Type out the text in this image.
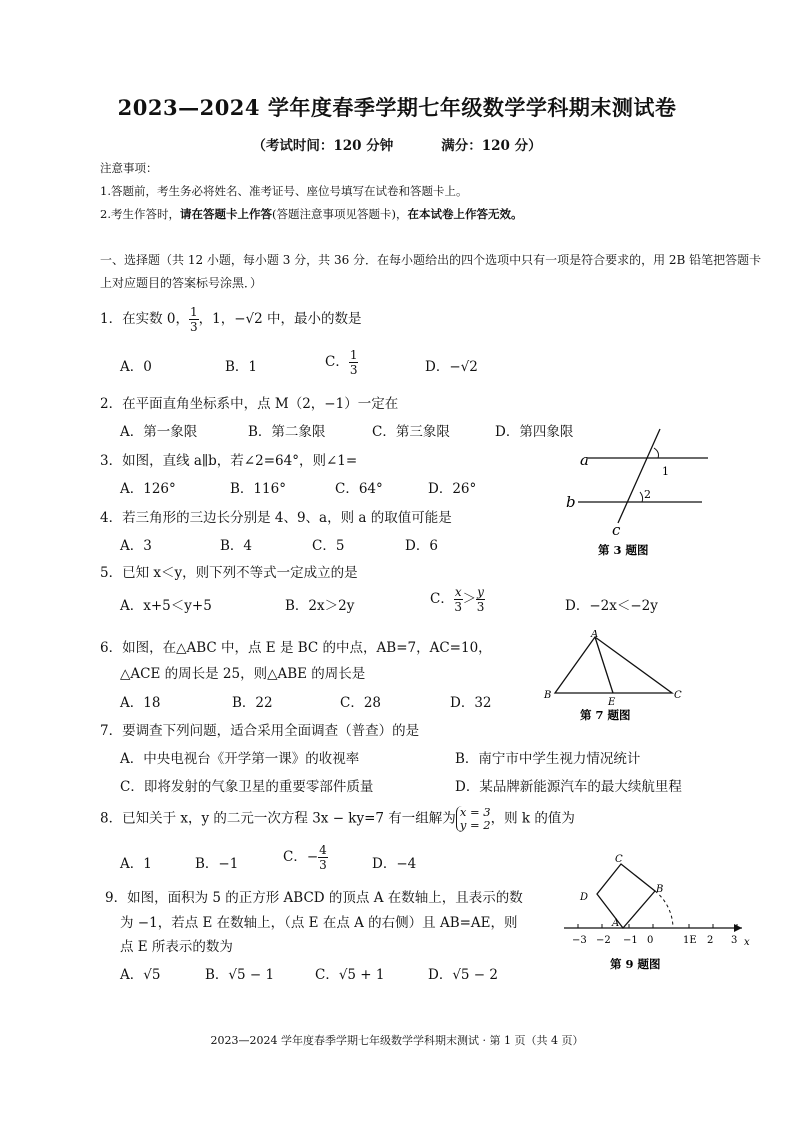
2023—2024 学年度春季学期七年级数学学科期末测试卷
（考试时间：120 分钟	满分：120 分）
注意事项：
1.答题前，考生务必将姓名、准考证号、座位号填写在试卷和答题卡上。
2.考生作答时，请在答题卡上作答(答题注意事项见答题卡)，在本试卷上作答无效。
一、选择题（共 12 小题，每小题 3 分，共 36 分．在每小题给出的四个选项中只有一项是符合要求的，用 2B 铅笔把答题卡上对应题目的答案标号涂黑．）
1．在实数 0， $\frac{1}{3}$ ，1，−√2 中，最小的数是
A．0	B．1	C． $\frac{1}{3}$	D．−√2
2．在平面直角坐标系中，点 M（2，−1）一定在
A．第一象限	B．第二象限	C．第三象限	D．第四象限
3．如图，直线 a∥b，若∠2=64°，则∠1=
A．126°	B．116°	C．64°	D．26°
4．若三角形的三边长分别是 4、9、a，则 a 的取值可能是
A．3	B．4	C．5	D．6
5．已知 x＜y，则下列不等式一定成立的是
A．x+5＜y+5	B．2x＞2y	C． $\frac{x}{3} > \frac{y}{3}$	D．−2x＜−2y
6．如图，在△ABC 中，点 E 是 BC 的中点，AB=7，AC=10，
△ACE 的周长是 25，则△ABE 的周长是
A．18	B．22	C．28	D．32
7．要调查下列问题，适合采用全面调查（普查）的是
A．中央电视台《开学第一课》的收视率	B．南宁市中学生视力情况统计
C．即将发射的气象卫星的重要零部件质量	D．某品牌新能源汽车的最大续航里程
8．已知关于 x，y 的二元一次方程 3x − ky=7 有一组解为 x = 3
y = 2 ，则 k 的值为
A．1	B．−1	C．− $\frac{4}{3}$	D．−4
9．如图，面积为 5 的正方形 ABCD 的顶点 A 在数轴上，且表示的数
为 −1，若点 E 在数轴上，（点 E 在点 A 的右侧）且 AB=AE，则
点 E 所表示的数为
A．√5	B．√5 − 1	C．√5 + 1	D．√5 − 2
a
b
c
1
2
第 3 题图
A
B	C
E
第 7 题图
−3 −2 −1 0	1E 2 3
A
B
C
D
x
第 9 题图
2023—2024 学年度春季学期七年级数学学科期末测试 · 第 1 页（共 4 页）
